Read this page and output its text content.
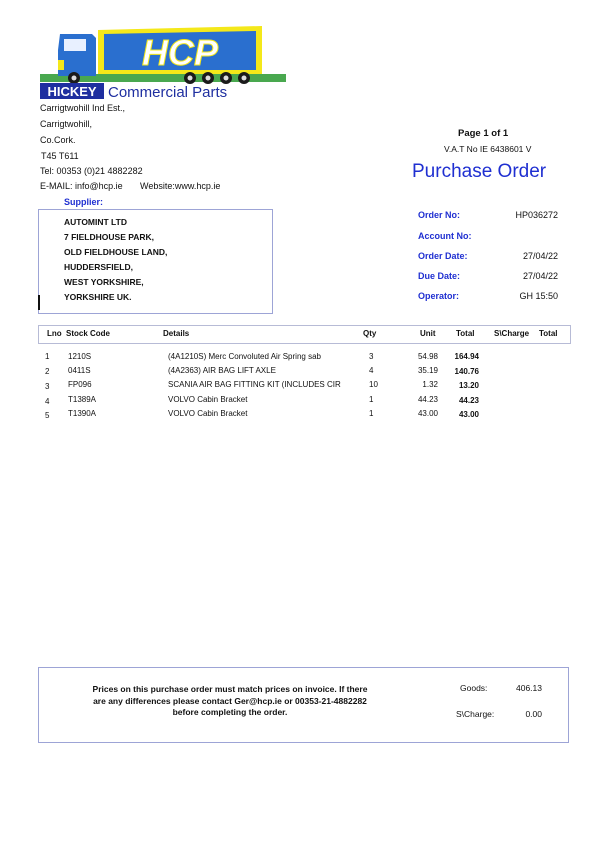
HCP
HICKEY Commercial Parts
Carrigtwohill Ind Est.,
Carrigtwohill,
Co.Cork.
T45 T611
Tel: 00353 (0)21 4882282
E-MAIL: info@hcp.ie Website:www.hcp.ie
Supplier:
AUTOMINT LTD
7 FIELDHOUSE PARK,
OLD FIELDHOUSE LAND,
HUDDERSFIELD,
WEST YORKSHIRE,
YORKSHIRE UK.
Page 1 of 1
V.A.T No IE 6438601 V
Purchase Order
Order No:	HP036272
Account No:
Order Date:	27/04/22
Due Date:	27/04/22
Operator:	GH 15:50
Lno Stock Code	Details	Qty	Unit	Total S\Charge Total
1 1210S	(4A1210S) Merc Convoluted Air Spring sab	3	54.98	164.94
2 0411S	(4A2363) AIR BAG LIFT AXLE	4	35.19	140.76
3 FP096	SCANIA AIR BAG FITTING KIT (INCLUDES CIR	10	1.32	13.20
4 T1389A	VOLVO Cabin Bracket	1	44.23	44.23
5 T1390A	VOLVO Cabin Bracket	1	43.00	43.00
Prices on this purchase order must match prices on invoice. If there are any differences please contact Ger@hcp.ie or 00353-21-4882282 before completing the order.
Goods:	406.13
S\Charge:	0.00
